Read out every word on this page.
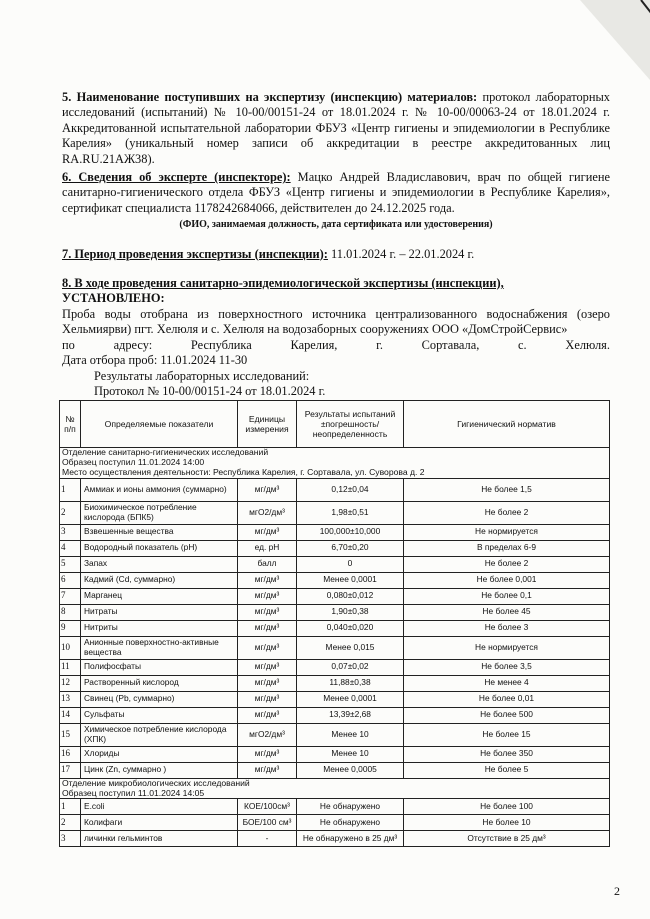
5. Наименование поступивших на экспертизу (инспекцию) материалов: протокол лабораторных исследований (испытаний) № 10-00/00151-24 от 18.01.2024 г. № 10-00/00063-24 от 18.01.2024 г. Аккредитованной испытательной лаборатории ФБУЗ «Центр гигиены и эпидемиологии в Республике Карелия» (уникальный номер записи об аккредитации в реестре аккредитованных лиц RA.RU.21АЖ38).

6. Сведения об эксперте (инспекторе): Мацко Андрей Владиславович, врач по общей гигиене санитарно-гигиенического отдела ФБУЗ «Центр гигиены и эпидемиологии в Республике Карелия», сертификат специалиста 1178242684066, действителен до 24.12.2025 года.

(ФИО, занимаемая должность, дата сертификата или удостоверения)

7. Период проведения экспертизы (инспекции): 11.01.2024 г. – 22.01.2024 г.

8. В ходе проведения санитарно-эпидемиологической экспертизы (инспекции),

УСТАНОВЛЕНО:

Проба воды отобрана из поверхностного источника централизованного водоснабжения (озеро Хельмиярви) пгт. Хелюля и с. Хелюля на водозаборных сооружениях ООО «ДомСтройСервис»

по	адресу:	Республика	Карелия,	г.	Сортавала,	с.	Хелюля.

Дата отбора проб: 11.01.2024 11-30

Результаты лабораторных исследований:

Протокол № 10-00/00151-24 от 18.01.2024 г.

№ п/п	Определяемые показатели	Единицы измерения	Результаты испытаний ±погрешность/ неопределенность	Гигиенический норматив

Отделение санитарно-гигиенических исследований
Образец поступил 11.01.2024 14:00
Место осуществления деятельности: Республика Карелия, г. Сортавала, ул. Суворова д. 2				

1	Аммиак и ионы аммония (суммарно)	мг/дм³	0,12±0,04	Не более 1,5
2	Биохимическое потребление кислорода (БПК5)	мгО2/дм³	1,98±0,51	Не более 2
3	Взвешенные вещества	мг/дм³	100,000±10,000	Не нормируется
4	Водородный показатель (рН)	ед. рН	6,70±0,20	В пределах 6-9
5	Запах	балл	0	Не более 2
6	Кадмий (Cd, суммарно)	мг/дм³	Менее 0,0001	Не более 0,001
7	Марганец	мг/дм³	0,080±0,012	Не более 0,1
8	Нитраты	мг/дм³	1,90±0,38	Не более 45
9	Нитриты	мг/дм³	0,040±0,020	Не более 3
10	Анионные поверхностно-активные вещества	мг/дм³	Менее 0,015	Не нормируется
11	Полифосфаты	мг/дм³	0,07±0,02	Не более 3,5
12	Растворенный кислород	мг/дм³	11,88±0,38	Не менее 4
13	Свинец (Pb, суммарно)	мг/дм³	Менее 0,0001	Не более 0,01
14	Сульфаты	мг/дм³	13,39±2,68	Не более 500
15	Химическое потребление кислорода (ХПК)	мгО2/дм³	Менее 10	Не более 15
16	Хлориды	мг/дм³	Менее 10	Не более 350
17	Цинк (Zn, суммарно )	мг/дм³	Менее 0,0005	Не более 5

Отделение микробиологических исследований
Образец поступил 11.01.2024 14:05				

1	E.coli	КОЕ/100см³	Не обнаружено	Не более 100
2	Колифаги	БОЕ/100 см³	Не обнаружено	Не более 10
3	личинки гельминтов	-	Не обнаружено в 25 дм³	Отсутствие в 25 дм³
2
